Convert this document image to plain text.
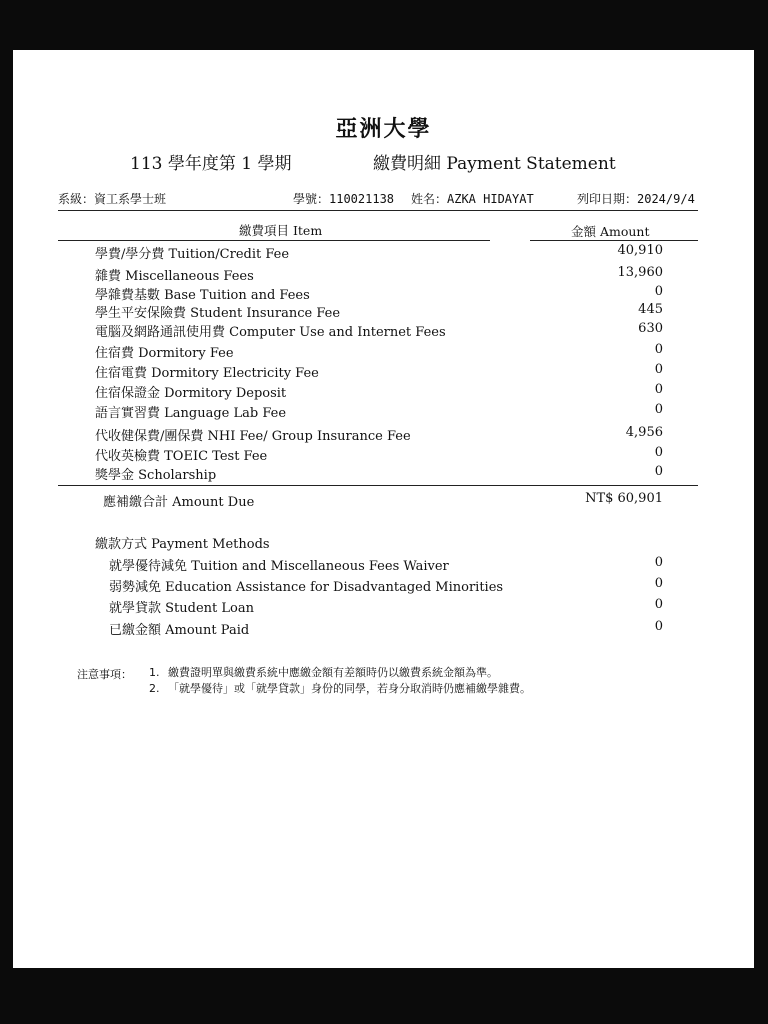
亞洲大學
113 學年度第 1 學期	繳費明細 Payment Statement
系級：資工系學士班	學號：110021138 姓名：AZKA HIDAYAT	列印日期：2024/9/4
繳費項目 Item	金額 Amount
學費/學分費 Tuition/Credit Fee	40,910
雜費 Miscellaneous Fees	13,960
學雜費基數 Base Tuition and Fees	0
學生平安保險費 Student Insurance Fee	445
電腦及網路通訊使用費 Computer Use and Internet Fees	630
住宿費 Dormitory Fee	0
住宿電費 Dormitory Electricity Fee	0
住宿保證金 Dormitory Deposit	0
語言實習費 Language Lab Fee	0
代收健保費/團保費 NHI Fee/ Group Insurance Fee	4,956
代收英檢費 TOEIC Test Fee	0
獎學金 Scholarship	0
應補繳合計 Amount Due	NT$ 60,901
繳款方式 Payment Methods
就學優待減免 Tuition and Miscellaneous Fees Waiver	0
弱勢減免 Education Assistance for Disadvantaged Minorities	0
就學貸款 Student Loan	0
已繳金額 Amount Paid	0
注意事項： 1. 繳費證明單與繳費系統中應繳金額有差額時仍以繳費系統金額為準。
2. 「就學優待」或「就學貸款」身份的同學，若身分取消時仍應補繳學雜費。
